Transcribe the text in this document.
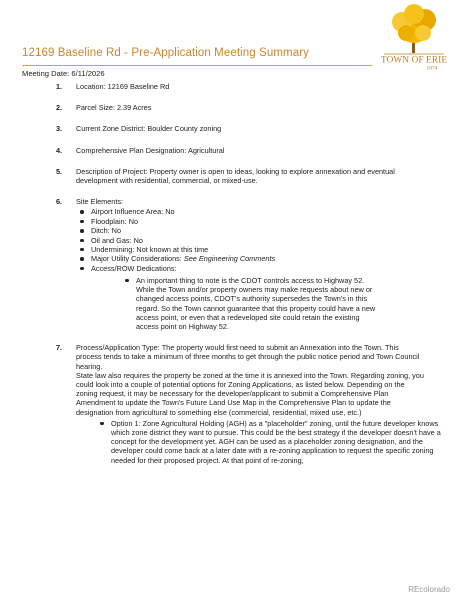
12169 Baseline Rd - Pre-Application Meeting Summary
TOWN OF ERIE
1874
Meeting Date: 6/11/2026
1. Location: 12169 Baseline Rd
2. Parcel Size: 2.39 Acres
3. Current Zone District: Boulder County zoning
4. Comprehensive Plan Designation: Agricultural
5. Description of Project: Property owner is open to ideas, looking to explore annexation and eventual development with residential, commercial, or mixed-use.
6. Site Elements:
Airport Influence Area: No
Floodplain: No
Ditch: No
Oil and Gas: No
Undermining: Not known at this time
Major Utility Considerations: See Engineering Comments
Access/ROW Dedications:
An important thing to note is the CDOT controls access to Highway 52. While the Town and/or property owners may make requests about new or changed access points, CDOT's authority supersedes the Town's in this regard. So the Town cannot guarantee that this property could have a new access point, or even that a redeveloped site could retain the existing access point on Highway 52.
7. Process/Application Type: The property would first need to submit an Annexation into the Town. This process tends to take a minimum of three months to get through the public notice period and Town Council hearing.
State law also requires the property be zoned at the time it is annexed into the Town. Regarding zoning, you could look into a couple of potential options for Zoning Applications, as listed below. Depending on the zoning request, it may be necessary for the developer/applicant to submit a Comprehensive Plan Amendment to update the Town's Future Land Use Map in the Comprehensive Plan to update the designation from agricultural to something else (commercial, residential, mixed use, etc.)
Option 1: Zone Agricultural Holding (AGH) as a "placeholder" zoning, until the future developer knows which zone district they want to pursue. This could be the best strategy if the developer doesn't have a concept for the development yet. AGH can be used as a placeholder zoning designation, and the developer could come back at a later date with a re-zoning application to request the specific zoning needed for their proposed project. At that point of re-zoning,
REcolorado
